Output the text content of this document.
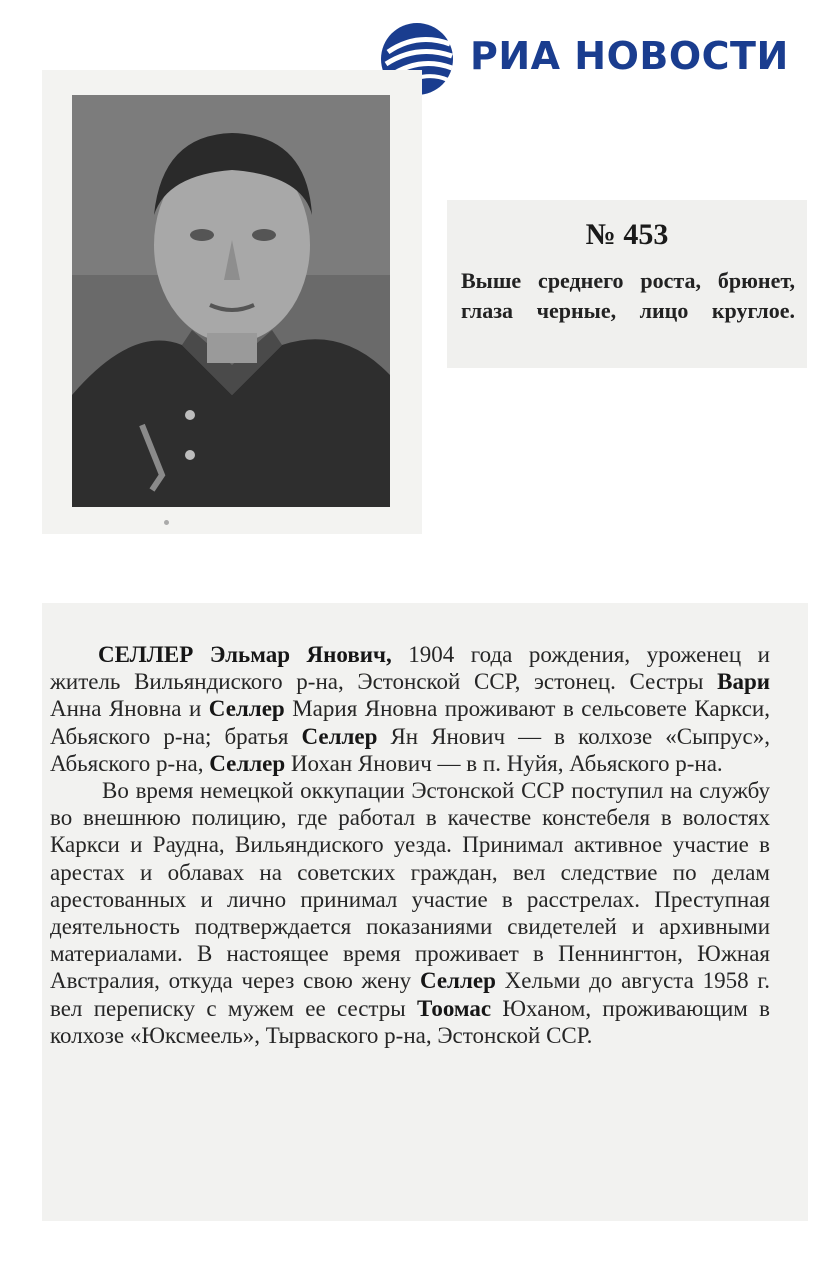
РИА НОВОСТИ
№ 453
Выше среднего роста, брюнет, глаза черные, лицо круглое.

СЕЛЛЕР Эльмар Янович, 1904 года рождения, уроженец и житель Вильяндиского р-на, Эстонской ССР, эстонец. Сестры Вари Анна Яновна и Селлер Мария Яновна проживают в сельсовете Каркси, Абьяского р-на; братья Селлер Ян Янович — в колхозе «Сыпрус», Абьяского р-на, Селлер Иохан Янович — в п. Нуйя, Абьяского р-на.

Во время немецкой оккупации Эстонской ССР поступил на службу во внешнюю полицию, где работал в качестве констебеля в волостях Каркси и Раудна, Вильяндиского уезда. Принимал активное участие в арестах и облавах на советских граждан, вел следствие по делам арестованных и лично принимал участие в расстрелах. Преступная деятельность подтверждается показаниями свидетелей и архивными материалами. В настоящее время проживает в Пеннингтон, Южная Австралия, откуда через свою жену Селлер Хельми до августа 1958 г. вел переписку с мужем ее сестры Тоомас Юханом, проживающим в колхозе «Юксмеель», Тырваского р-на, Эстонской ССР.
